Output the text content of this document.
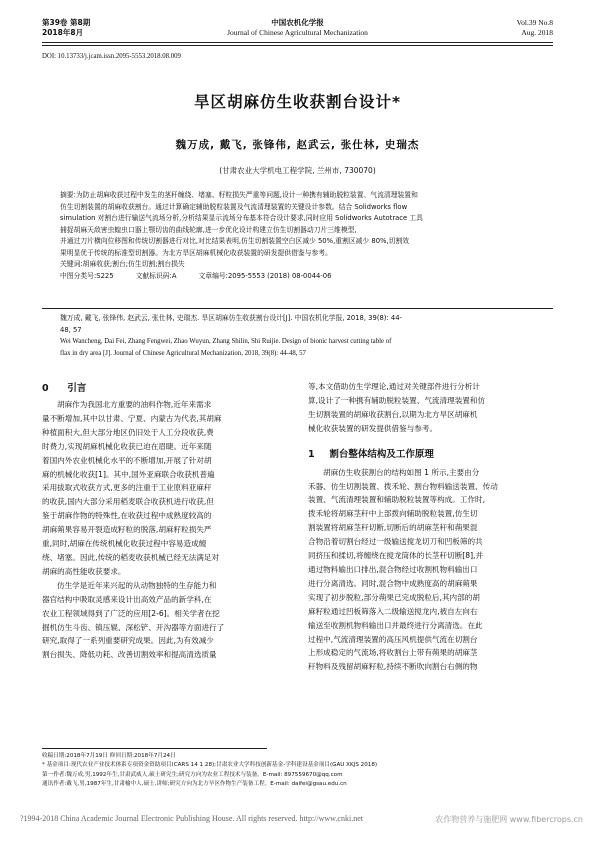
第39卷 第8期
2018年8月
中国农机化学报
Journal of Chinese Agricultural Mechanization
Vol.39 No.8
Aug. 2018
DOI: 10.13733/j.jcam.issn.2095-5553.2018.08.009
旱区胡麻仿生收获割台设计*
魏万成, 戴飞, 张锋伟, 赵武云, 张仕林, 史瑞杰
(甘肃农业大学机电工程学院, 兰州市, 730070)
摘要:为防止胡麻收获过程中发生的茎秆缠绕、堵塞、籽粒损失严重等问题,设计一种携有辅助脱粒装置、气流清理装置和
仿生切割装置的胡麻收获割台。通过计算确定辅助脱粒装置及气流清理装置的关键设计参数。结合 Solidworks flow
simulation 对割台进行输送气流场分析,分析结果显示流场分布基本符合设计要求,同时应用 Solidworks Autotrace 工具
捕捉胡麻天敌害虫蝗虫口器上颚切齿的曲线轮廓,进一步优化设计构建立仿生切割器动刀片三维模型,
并通过刀片横向位移图和传统切割器进行对比,对比结果表明,仿生切割装置空白区减少 50%,重割区减少 80%,切割效
果明显优于传统的标准型切割器。为北方旱区胡麻机械化收获装置的研发提供借鉴与参考。
关键词:胡麻收获;割台;仿生切割;割台损失
中图分类号:S225	文献标识码:A	文章编号:2095-5553 (2018) 08-0044-06
魏万成, 戴飞, 张锋伟, 赵武云, 张仕林, 史瑞杰. 旱区胡麻仿生收获割台设计[J]. 中国农机化学报, 2018, 39(8): 44-
48, 57
Wei Wancheng, Dai Fei, Zhang Fengwei, Zhao Wuyun, Zhang Shilin, Shi Ruijie. Design of bionic harvest cutting table of
flax in dry area [J]. Journal of Chinese Agricultural Mechanization, 2018, 39(8): 44-48, 57
0 引言
胡麻作为我国北方重要的油料作物,近年来需求
量不断增加,其中以甘肃、宁夏、内蒙古为代表,其胡麻
种植面积大,但大部分地区仍旧处于人工分段收获,费
时费力,实现胡麻机械化收获已迫在眉睫。近年来随
着国内外农业机械化水平的不断增加,开展了针对胡
麻的机械化收获[1]。其中,国外亚麻联合收获机普遍
采用拔取式收获方式,更多的注重于工业原料亚麻秆
的收获,国内大部分采用稻麦联合收获机进行收获,但
鉴于胡麻作物的特殊性,在收获过程中成熟度较高的
胡麻蒴果容易开裂造成籽粒的脱落,胡麻籽粒损失严
重,同时,胡麻在传统机械化收获过程中容易造成缠
绕、堵塞。因此,传统的稻麦收获机械已经无法满足对
胡麻的高性能收获要求。
仿生学是近年来兴起的从动物独特的生存能力和
器官结构中吸取灵感来设计出高效产品的新学科,在
农业工程领域得到了广泛的应用[2-6]。相关学者在挖
掘机仿生斗齿、镇压辊、深松铲、开沟器等方面进行了
研究,取得了一系列重要研究成果。因此,为有效减少
割台损失、降低功耗、改善切割效率和提高清选质量
等,本文借助仿生学理论,通过对关键部件进行分析计
算,设计了一种携有辅助脱粒装置、气流清理装置和仿
生切割装置的胡麻收获割台,以期为北方旱区胡麻机
械化收获装置的研发提供借鉴与参考。
1 割台整体结构及工作原理
胡麻仿生收获割台的结构如图 1 所示,主要由分
禾器、仿生切割装置、拨禾轮、割台物料输送装置、传动
装置、气流清理装置和辅助脱粒装置等构成。工作时,
拨禾轮将胡麻茎秆中上部拨向辅助脱粒装置,仿生切
割装置将胡麻茎秆切断,切断后的胡麻茎秆和蒴果混
合物沿着切割台经过一级输送搅龙切刀和凹板筛的共
同挤压和揉切,将缠绕在搅龙筒体的长茎秆切断[8],并
通过物料输出口排出,混合物经过收割机物料输出口
进行分离清选。同时,混合物中成熟度高的胡麻蒴果
实现了初步脱粒,部分蒴果已完成脱粒后,其内部的胡
麻籽粒通过凹板筛落入二级输送搅龙内,被自左向右
输送至收割机物料输出口并最终进行分离清选。在此
过程中,气流清理装置的高压风机提供气流在切割台
上形成稳定的气流场,将收割台上带有蒴果的胡麻茎
秆物料及残留胡麻籽粒,持续不断吹向割台右侧的物
收稿日期:2018年7月19日 修回日期:2018年7月24日
* 基金项目:现代农业产业技术体系专项资金资助项目(CARS 14 1 28);甘肃农业大学科技创新基金-学科建设基金项目(GAU XKJS 2018)
第一作者:魏万成,男,1992年生,甘肃武威人,硕士研究生;研究方向为农业工程技术与装备。E-mail: 897559670@qq.com
通讯作者:戴飞,男,1987年生,甘肃榆中人,硕士,讲师;研究方向为北方旱区作物生产装备工程。E-mail: daifei@gsau.edu.cn
?1994-2018 China Academic Journal Electronic Publishing House. All rights reserved. http://www.cnki.net	农作物营养与施肥网 www.fibercrops.cn
